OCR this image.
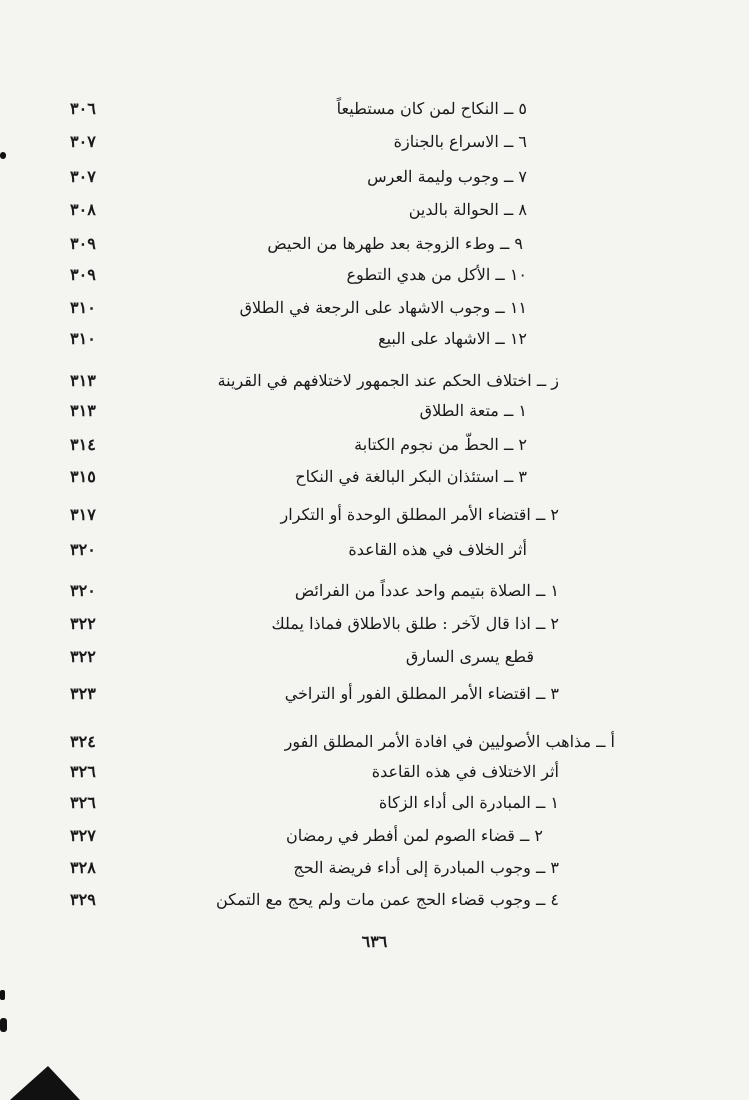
٥ ــ النكاح لمن كان مستطيعاً
٣٠٦
٦ ــ الاسراع بالجنازة
٣٠٧
٧ ــ وجوب وليمة العرس
٣٠٧
٨ ــ الحوالة بالدين
٣٠٨
٩ ــ وطء الزوجة بعد طهرها من الحيض
٣٠٩
١٠ ــ الأكل من هدي التطوع
٣٠٩
١١ ــ وجوب الاشهاد على الرجعة في الطلاق
٣١٠
١٢ ــ الاشهاد على البيع
٣١٠
ز ــ اختلاف الحكم عند الجمهور لاختلافهم في القرينة
٣١٣
١ ــ متعة الطلاق
٣١٣
٢ ــ الحطّ من نجوم الكتابة
٣١٤
٣ ــ استئذان البكر البالغة في النكاح
٣١٥
٢ ــ اقتضاء الأمر المطلق الوحدة أو التكرار
٣١٧
أثر الخلاف في هذه القاعدة
٣٢٠
١ ــ الصلاة بتيمم واحد عدداً من الفرائض
٣٢٠
٢ ــ اذا قال لآخر : طلق بالاطلاق فماذا يملك
٣٢٢
قطع يسرى السارق
٣٢٢
٣ ــ اقتضاء الأمر المطلق الفور أو التراخي
٣٢٣
أ ــ مذاهب الأصوليين في افادة الأمر المطلق الفور
٣٢٤
أثر الاختلاف في هذه القاعدة
٣٢٦
١ ــ المبادرة الى أداء الزكاة
٣٢٦
٢ ــ قضاء الصوم لمن أفطر في رمضان
٣٢٧
٣ ــ وجوب المبادرة إلى أداء فريضة الحج
٣٢٨
٤ ــ وجوب قضاء الحج عمن مات ولم يحج مع التمكن
٣٢٩
٦٣٦
